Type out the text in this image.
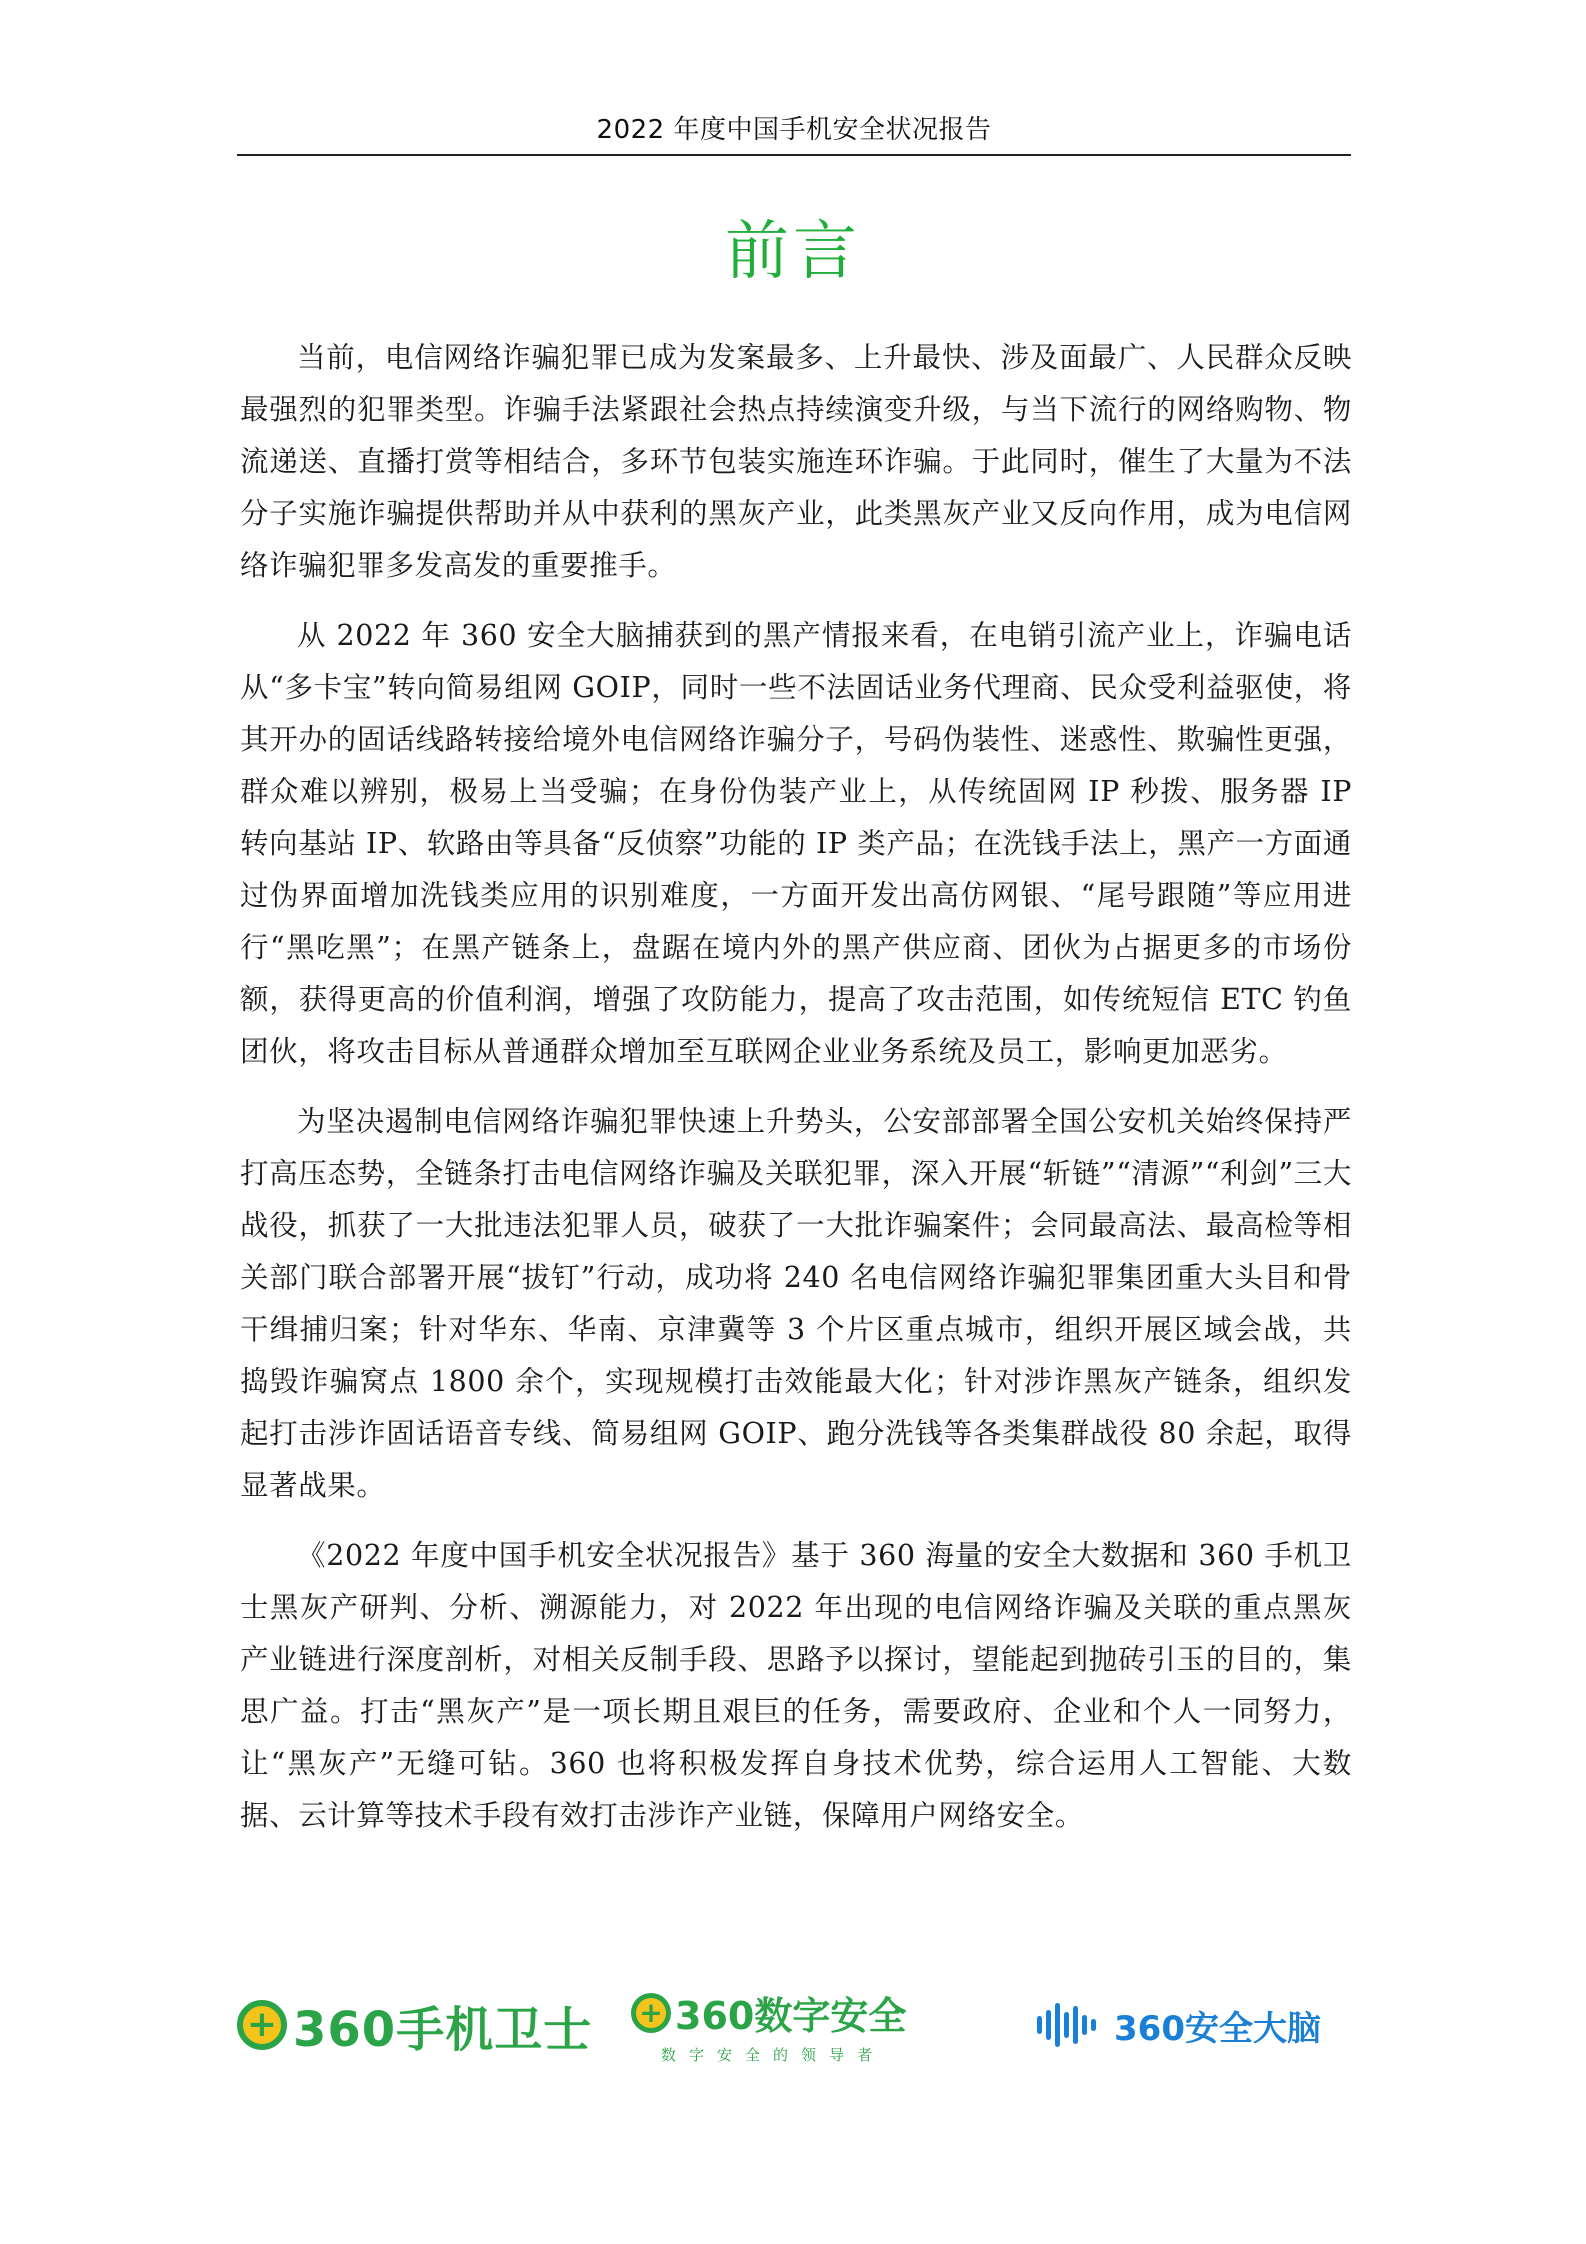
2022 年度中国手机安全状况报告
前言

当前，电信网络诈骗犯罪已成为发案最多、上升最快、涉及面最广、人民群众反映最强烈的犯罪类型。诈骗手法紧跟社会热点持续演变升级，与当下流行的网络购物、物流递送、直播打赏等相结合，多环节包装实施连环诈骗。于此同时，催生了大量为不法分子实施诈骗提供帮助并从中获利的黑灰产业，此类黑灰产业又反向作用，成为电信网络诈骗犯罪多发高发的重要推手。

从 2022 年 360 安全大脑捕获到的黑产情报来看，在电销引流产业上，诈骗电话从“多卡宝”转向简易组网 GOIP，同时一些不法固话业务代理商、民众受利益驱使，将其开办的固话线路转接给境外电信网络诈骗分子，号码伪装性、迷惑性、欺骗性更强，群众难以辨别，极易上当受骗；在身份伪装产业上，从传统固网 IP 秒拨、服务器 IP 转向基站 IP、软路由等具备“反侦察”功能的 IP 类产品；在洗钱手法上，黑产一方面通过伪界面增加洗钱类应用的识别难度，一方面开发出高仿网银、“尾号跟随”等应用进行“黑吃黑”；在黑产链条上，盘踞在境内外的黑产供应商、团伙为占据更多的市场份额，获得更高的价值利润，增强了攻防能力，提高了攻击范围，如传统短信 ETC 钓鱼团伙，将攻击目标从普通群众增加至互联网企业业务系统及员工，影响更加恶劣。

为坚决遏制电信网络诈骗犯罪快速上升势头，公安部部署全国公安机关始终保持严打高压态势，全链条打击电信网络诈骗及关联犯罪，深入开展“斩链”“清源”“利剑”三大战役，抓获了一大批违法犯罪人员，破获了一大批诈骗案件；会同最高法、最高检等相关部门联合部署开展“拔钉”行动，成功将 240 名电信网络诈骗犯罪集团重大头目和骨干缉捕归案；针对华东、华南、京津冀等 3 个片区重点城市，组织开展区域会战，共捣毁诈骗窝点 1800 余个，实现规模打击效能最大化；针对涉诈黑灰产链条，组织发起打击涉诈固话语音专线、简易组网 GOIP、跑分洗钱等各类集群战役 80 余起，取得显著战果。

《2022 年度中国手机安全状况报告》基于 360 海量的安全大数据和 360 手机卫士黑灰产研判、分析、溯源能力，对 2022 年出现的电信网络诈骗及关联的重点黑灰产业链进行深度剖析，对相关反制手段、思路予以探讨，望能起到抛砖引玉的目的，集思广益。打击“黑灰产”是一项长期且艰巨的任务，需要政府、企业和个人一同努力，让“黑灰产”无缝可钻。360 也将积极发挥自身技术优势，综合运用人工智能、大数据、云计算等技术手段有效打击涉诈产业链，保障用户网络安全。

+ 360手机卫士 + 360数字安全
数字安全的领导者
360安全大脑
